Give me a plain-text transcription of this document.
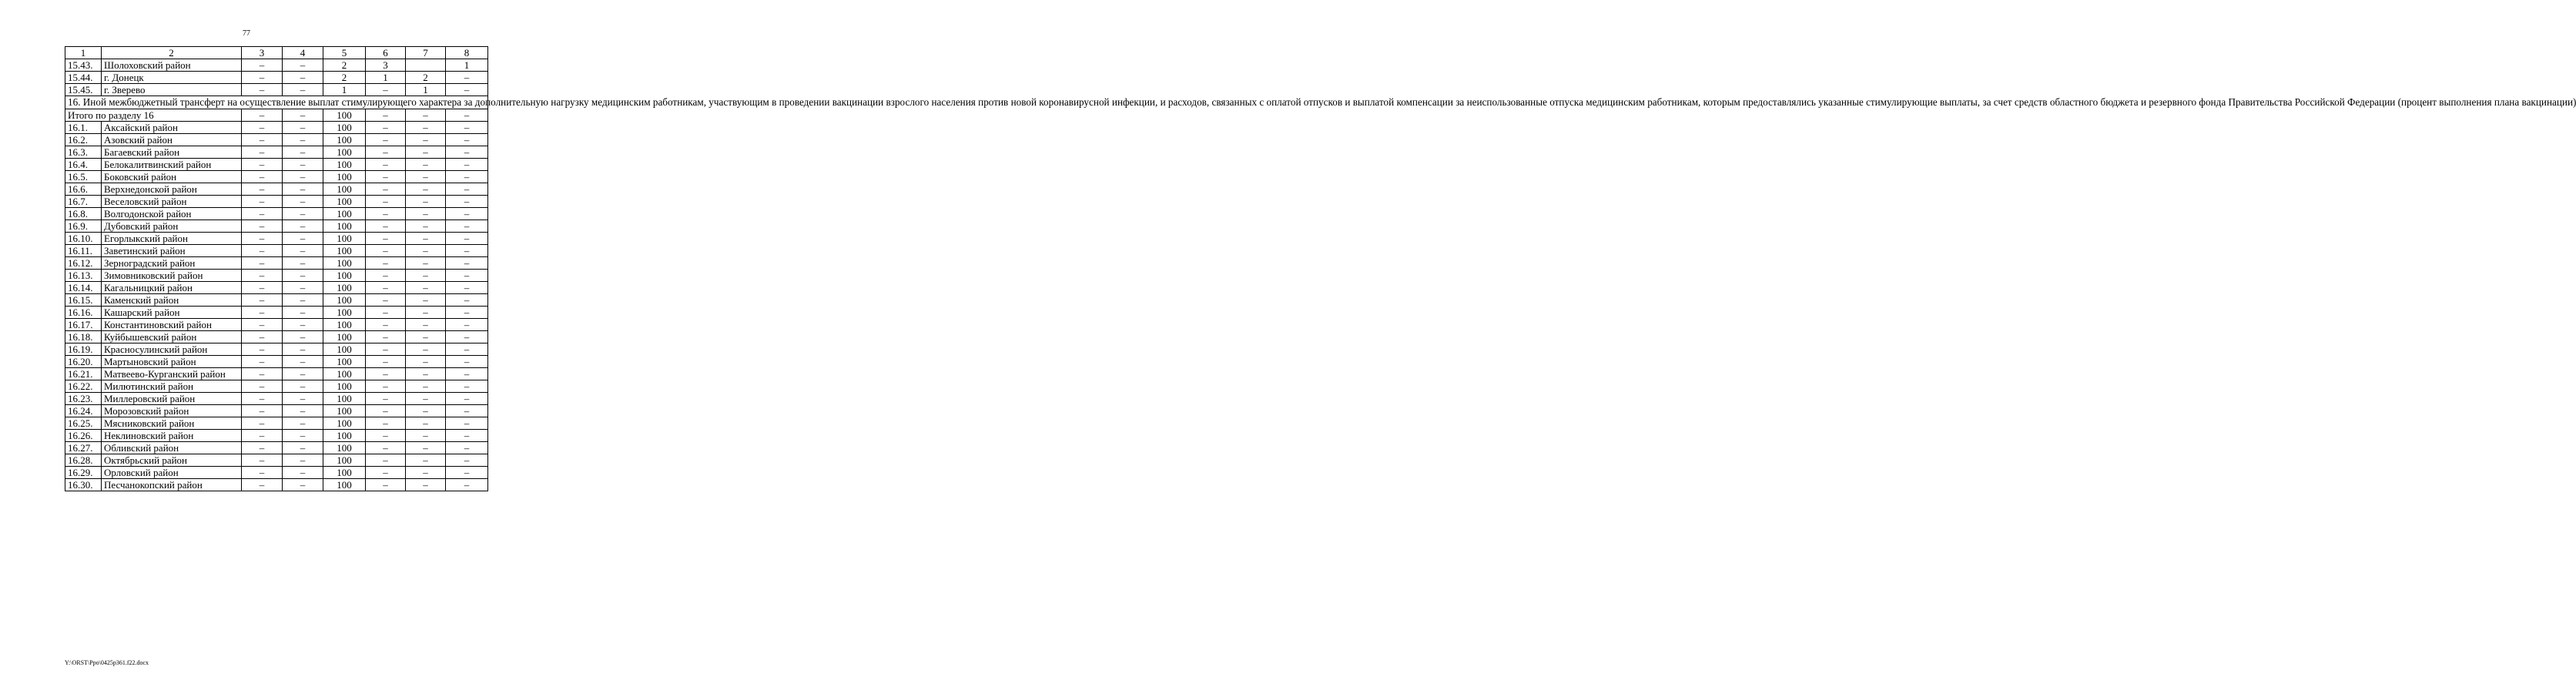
77
1	2	3	4	5	6	7	8
15.43.	Шолоховский район	–	–	2	3		1
15.44.	г. Донецк	–	–	2	1	2	–
15.45.	г. Зверево	–	–	1	–	1	–
16. Иной межбюджетный трансферт на осуществление выплат стимулирующего характера за дополнительную нагрузку медицинским работникам, участвующим в проведении вакцинации взрослого населения против новой коронавирусной инфекции, и расходов, связанных с оплатой отпусков и выплатой компенсации за неиспользованные отпуска медицинским работникам, которым предоставлялись указанные стимулирующие выплаты, за счет средств областного бюджета и резервного фонда Правительства Российской Федерации (процент выполнения плана вакцинации)							
Итого по разделу 16		–	–	100	–	–	–
16.1.	Аксайский район	–	–	100	–	–	–
16.2.	Азовский район	–	–	100	–	–	–
16.3.	Багаевский район	–	–	100	–	–	–
16.4.	Белокалитвинский район	–	–	100	–	–	–
16.5.	Боковский район	–	–	100	–	–	–
16.6.	Верхнедонской район	–	–	100	–	–	–
16.7.	Веселовский район	–	–	100	–	–	–
16.8.	Волгодонской район	–	–	100	–	–	–
16.9.	Дубовский район	–	–	100	–	–	–
16.10.	Егорлыкский район	–	–	100	–	–	–
16.11.	Заветинский район	–	–	100	–	–	–
16.12.	Зерноградский район	–	–	100	–	–	–
16.13.	Зимовниковский район	–	–	100	–	–	–
16.14.	Кагальницкий район	–	–	100	–	–	–
16.15.	Каменский район	–	–	100	–	–	–
16.16.	Кашарский район	–	–	100	–	–	–
16.17.	Константиновский район	–	–	100	–	–	–
16.18.	Куйбышевский район	–	–	100	–	–	–
16.19.	Красносулинский район	–	–	100	–	–	–
16.20.	Мартыновский район	–	–	100	–	–	–
16.21.	Матвеево-Курганский район	–	–	100	–	–	–
16.22.	Милютинский район	–	–	100	–	–	–
16.23.	Миллеровский район	–	–	100	–	–	–
16.24.	Морозовский район	–	–	100	–	–	–
16.25.	Мясниковский район	–	–	100	–	–	–
16.26.	Неклиновский район	–	–	100	–	–	–
16.27.	Обливский район	–	–	100	–	–	–
16.28.	Октябрьский район	–	–	100	–	–	–
16.29.	Орловский район	–	–	100	–	–	–
16.30.	Песчанокопский район	–	–	100	–	–	–
Y:\ORST\Ppo\0425p361.f22.docx
